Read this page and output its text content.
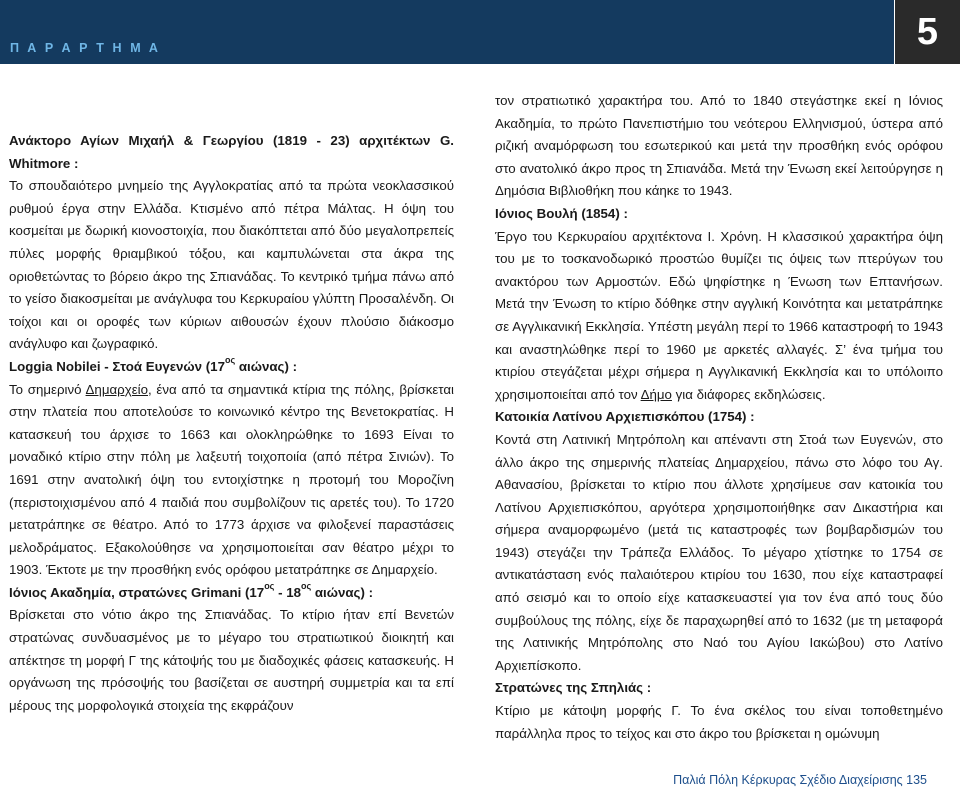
Π Α Ρ Α Ρ Τ Η Μ Α	5

Ανάκτορο Αγίων Μιχαήλ & Γεωργίου (1819 - 23) αρχιτέκτων G. Whitmore :

Το σπουδαιότερο μνημείο της Αγγλοκρατίας από τα πρώτα νεοκλασσικού ρυθμού έργα στην Ελλάδα. Κτισμένο από πέτρα Μάλτας. Η όψη του κοσμείται με δωρική κιονοστοιχία, που διακόπτεται από δύο μεγαλοπρεπείς πύλες μορφής θριαμβικού τόξου, και καμπυλώνεται στα άκρα της οριοθετώντας το βόρειο άκρο της Σπιανάδας. Το κεντρικό τμήμα πάνω από το γείσο διακοσμείται με ανάγλυφα του Κερκυραίου γλύπτη Προσαλένδη. Οι τοίχοι και οι οροφές των κύριων αιθουσών έχουν πλούσιο διάκοσμο ανάγλυφο και ζωγραφικό.

Loggia Nobilei - Στοά Ευγενών ($17^{o\varsigma}$ αιώνας) :

Το σημερινό Δημαρχείο, ένα από τα σημαντικά κτίρια της πόλης, βρίσκεται στην πλατεία που αποτελούσε το κοινωνικό κέντρο της Βενετοκρατίας. Η κατασκευή του άρχισε το 1663 και ολοκληρώθηκε το 1693 Είναι το μοναδικό κτίριο στην πόλη με λαξευτή τοιχοποιία (από πέτρα Σινιών). Το 1691 στην ανατολική όψη του εντοιχίστηκε η προτομή του Μοροζίνη (περιστοιχισμένου από 4 παιδιά που συμβολίζουν τις αρετές του). Το 1720 μετατράπηκε σε θέατρο. Από το 1773 άρχισε να φιλοξενεί παραστάσεις μελοδράματος. Εξακολούθησε να χρησιμοποιείται σαν θέατρο μέχρι το 1903. Έκτοτε με την προσθήκη ενός ορόφου μετατράπηκε σε Δημαρχείο.

Ιόνιος Ακαδημία, στρατώνες Grimani ($17^{o\varsigma} - 18^{o\varsigma}$ αιώνας) :

Βρίσκεται στο νότιο άκρο της Σπιανάδας. Το κτίριο ήταν επί Βενετών στρατώνας συνδυασμένος με το μέγαρο του στρατιωτικού διοικητή και απέκτησε τη μορφή Γ της κάτοψής του με διαδοχικές φάσεις κατασκευής. Η οργάνωση της πρόσοψής του βασίζεται σε αυστηρή συμμετρία και τα επί μέρους της μορφολογικά στοιχεία της εκφράζουν

τον στρατιωτικό χαρακτήρα του. Από το 1840 στεγάστηκε εκεί η Ιόνιος Ακαδημία, το πρώτο Πανεπιστήμιο του νεότερου Ελληνισμού, ύστερα από ριζική αναμόρφωση του εσωτερικού και μετά την προσθήκη ενός ορόφου στο ανατολικό άκρο προς τη Σπιανάδα. Μετά την Ένωση εκεί λειτούργησε η Δημόσια Βιβλιοθήκη που κάηκε το 1943.

Ιόνιος Βουλή (1854) :

Έργο του Κερκυραίου αρχιτέκτονα Ι. Χρόνη. Η κλασσικού χαρακτήρα όψη του με το τοσκανοδωρικό προστώο θυμίζει τις όψεις των πτερύγων του ανακτόρου των Αρμοστών. Εδώ ψηφίστηκε η Ένωση των Επτανήσων. Μετά την Ένωση το κτίριο δόθηκε στην αγγλική Κοινότητα και μετατράπηκε σε Αγγλικανική Εκκλησία. Υπέστη μεγάλη περί το 1966 καταστροφή το 1943 και αναστηλώθηκε περί το 1960 με αρκετές αλλαγές. Σ’ ένα τμήμα του κτιρίου στεγάζεται μέχρι σήμερα η Αγγλικανική Εκκλησία και το υπόλοιπο χρησιμοποιείται από τον Δήμο για διάφορες εκδηλώσεις.

Κατοικία Λατίνου Αρχιεπισκόπου (1754) :

Κοντά στη Λατινική Μητρόπολη και απέναντι στη Στοά των Ευγενών, στο άλλο άκρο της σημερινής πλατείας Δημαρχείου, πάνω στο λόφο του Αγ. Αθανασίου, βρίσκεται το κτίριο που άλλοτε χρησίμευε σαν κατοικία του Λατίνου Αρχιεπισκόπου, αργότερα χρησιμοποιήθηκε σαν Δικαστήρια και σήμερα αναμορφωμένο (μετά τις καταστροφές των βομβαρδισμών του 1943) στεγάζει την Τράπεζα Ελλάδος. Το μέγαρο χτίστηκε το 1754 σε αντικατάσταση ενός παλαιότερου κτιρίου του 1630, που είχε καταστραφεί από σεισμό και το οποίο είχε κατασκευαστεί για τον ένα από τους δύο συμβούλους της πόλης, είχε δε παραχωρηθεί από το 1632 (με τη μεταφορά της Λατινικής Μητρόπολης στο Ναό του Αγίου Ιακώβου) στο Λατίνο Αρχιεπίσκοπο.

Στρατώνες της Σπηλιάς :

Κτίριο με κάτοψη μορφής Γ. Το ένα σκέλος του είναι τοποθετημένο παράλληλα προς το τείχος και στο άκρο του βρίσκεται η ομώνυμη

Παλιά Πόλη Κέρκυρας Σχέδιο Διαχείρισης 135
